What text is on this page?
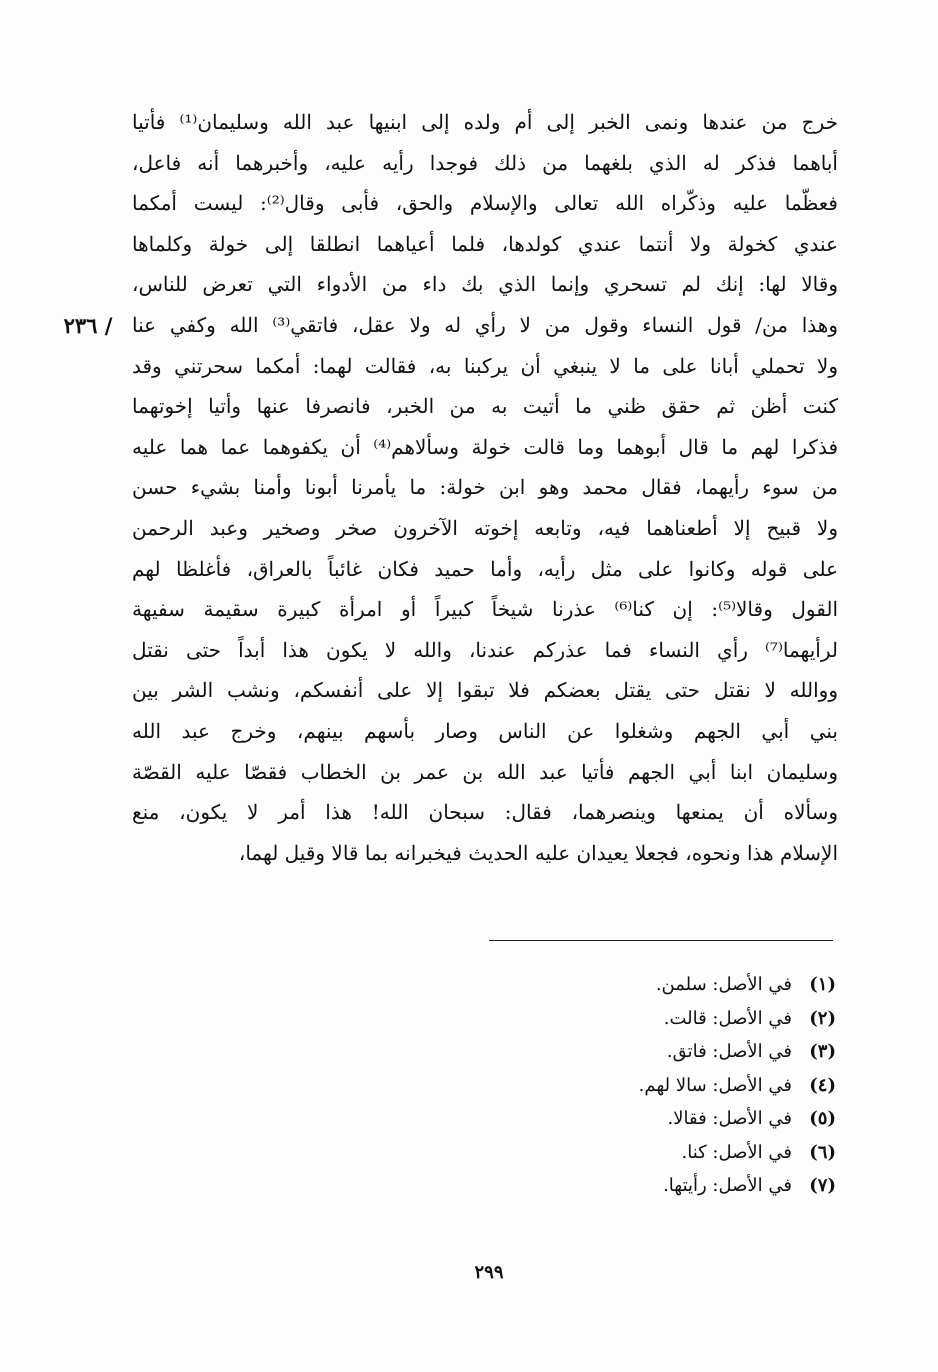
خرج من عندها ونمى الخبر إلى أم ولده إلى ابنيها عبد الله وسليمان⁽¹⁾ فأتيا
أباهما فذكر له الذي بلغهما من ذلك فوجدا رأيه عليه، وأخبرهما أنه فاعل،
فعظّما عليه وذكّراه الله تعالى والإسلام والحق، فأبى وقال⁽²⁾: ليست أمكما
عندي كخولة ولا أنتما عندي كولدها، فلما أعياهما انطلقا إلى خولة وكلماها
وقالا لها: إنك لم تسحري وإنما الذي بك داء من الأدواء التي تعرض للناس،
وهذا من/ قول النساء وقول من لا رأي له ولا عقل، فاتقي⁽³⁾ الله وكفي عنا
ولا تحملي أبانا على ما لا ينبغي أن يركبنا به، فقالت لهما: أمكما سحرتني وقد
كنت أظن ثم حقق ظني ما أتيت به من الخبر، فانصرفا عنها وأتيا إخوتهما
فذكرا لهم ما قال أبوهما وما قالت خولة وسألاهم⁽⁴⁾ أن يكفوهما عما هما عليه
من سوء رأيهما، فقال محمد وهو ابن خولة: ما يأمرنا أبونا وأمنا بشيء حسن
ولا قبيح إلا أطعناهما فيه، وتابعه إخوته الآخرون صخر وصخير وعبد الرحمن
على قوله وكانوا على مثل رأيه، وأما حميد فكان غائباً بالعراق، فأغلظا لهم
القول وقالا⁽⁵⁾: إن كنا⁽⁶⁾ عذرنا شيخاً كبيراً أو امرأة كبيرة سقيمة سفيهة
لرأيهما⁽⁷⁾ رأي النساء فما عذركم عندنا، والله لا يكون هذا أبداً حتى نقتل
ووالله لا نقتل حتى يقتل بعضكم فلا تبقوا إلا على أنفسكم، ونشب الشر بين
بني أبي الجهم وشغلوا عن الناس وصار بأسهم بينهم، وخرج عبد الله
وسليمان ابنا أبي الجهم فأتيا عبد الله بن عمر بن الخطاب فقصّا عليه القصّة
وسألاه أن يمنعها وينصرهما، فقال: سبحان الله! هذا أمر لا يكون، منع
الإسلام هذا ونحوه، فجعلا يعيدان عليه الحديث فيخبرانه بما قالا وقيل لهما،
/ ٢٣٦
(١)في الأصل: سلمن.
(٢)في الأصل: قالت.
(٣)في الأصل: فاتق.
(٤)في الأصل: سالا لهم.
(٥)في الأصل: فقالا.
(٦)في الأصل: كنا.
(٧)في الأصل: رأيتها.
٢٩٩
